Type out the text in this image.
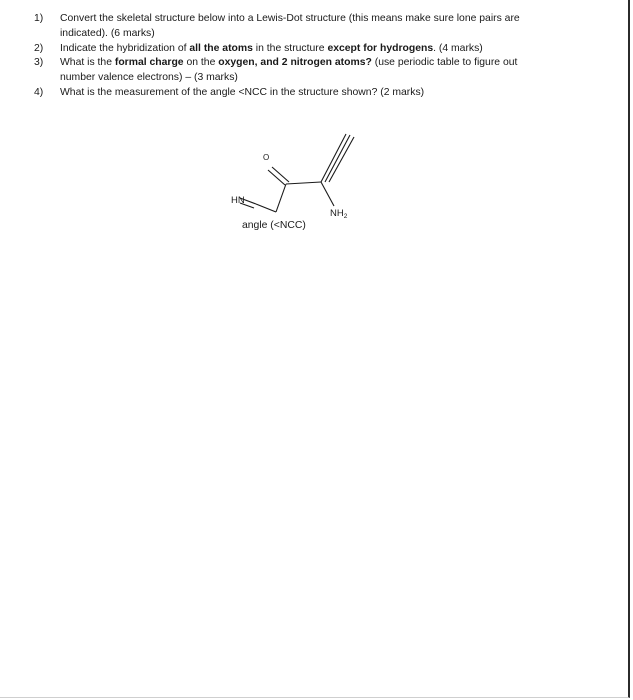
1) Convert the skeletal structure below into a Lewis-Dot structure (this means make sure lone pairs are indicated). (6 marks)
2) Indicate the hybridization of all the atoms in the structure except for hydrogens. (4 marks)
3) What is the formal charge on the oxygen, and 2 nitrogen atoms? (use periodic table to figure out number valence electrons) – (3 marks)
4) What is the measurement of the angle <NCC in the structure shown? (2 marks)
O
HN
$NH_2$
angle (<NCC)
